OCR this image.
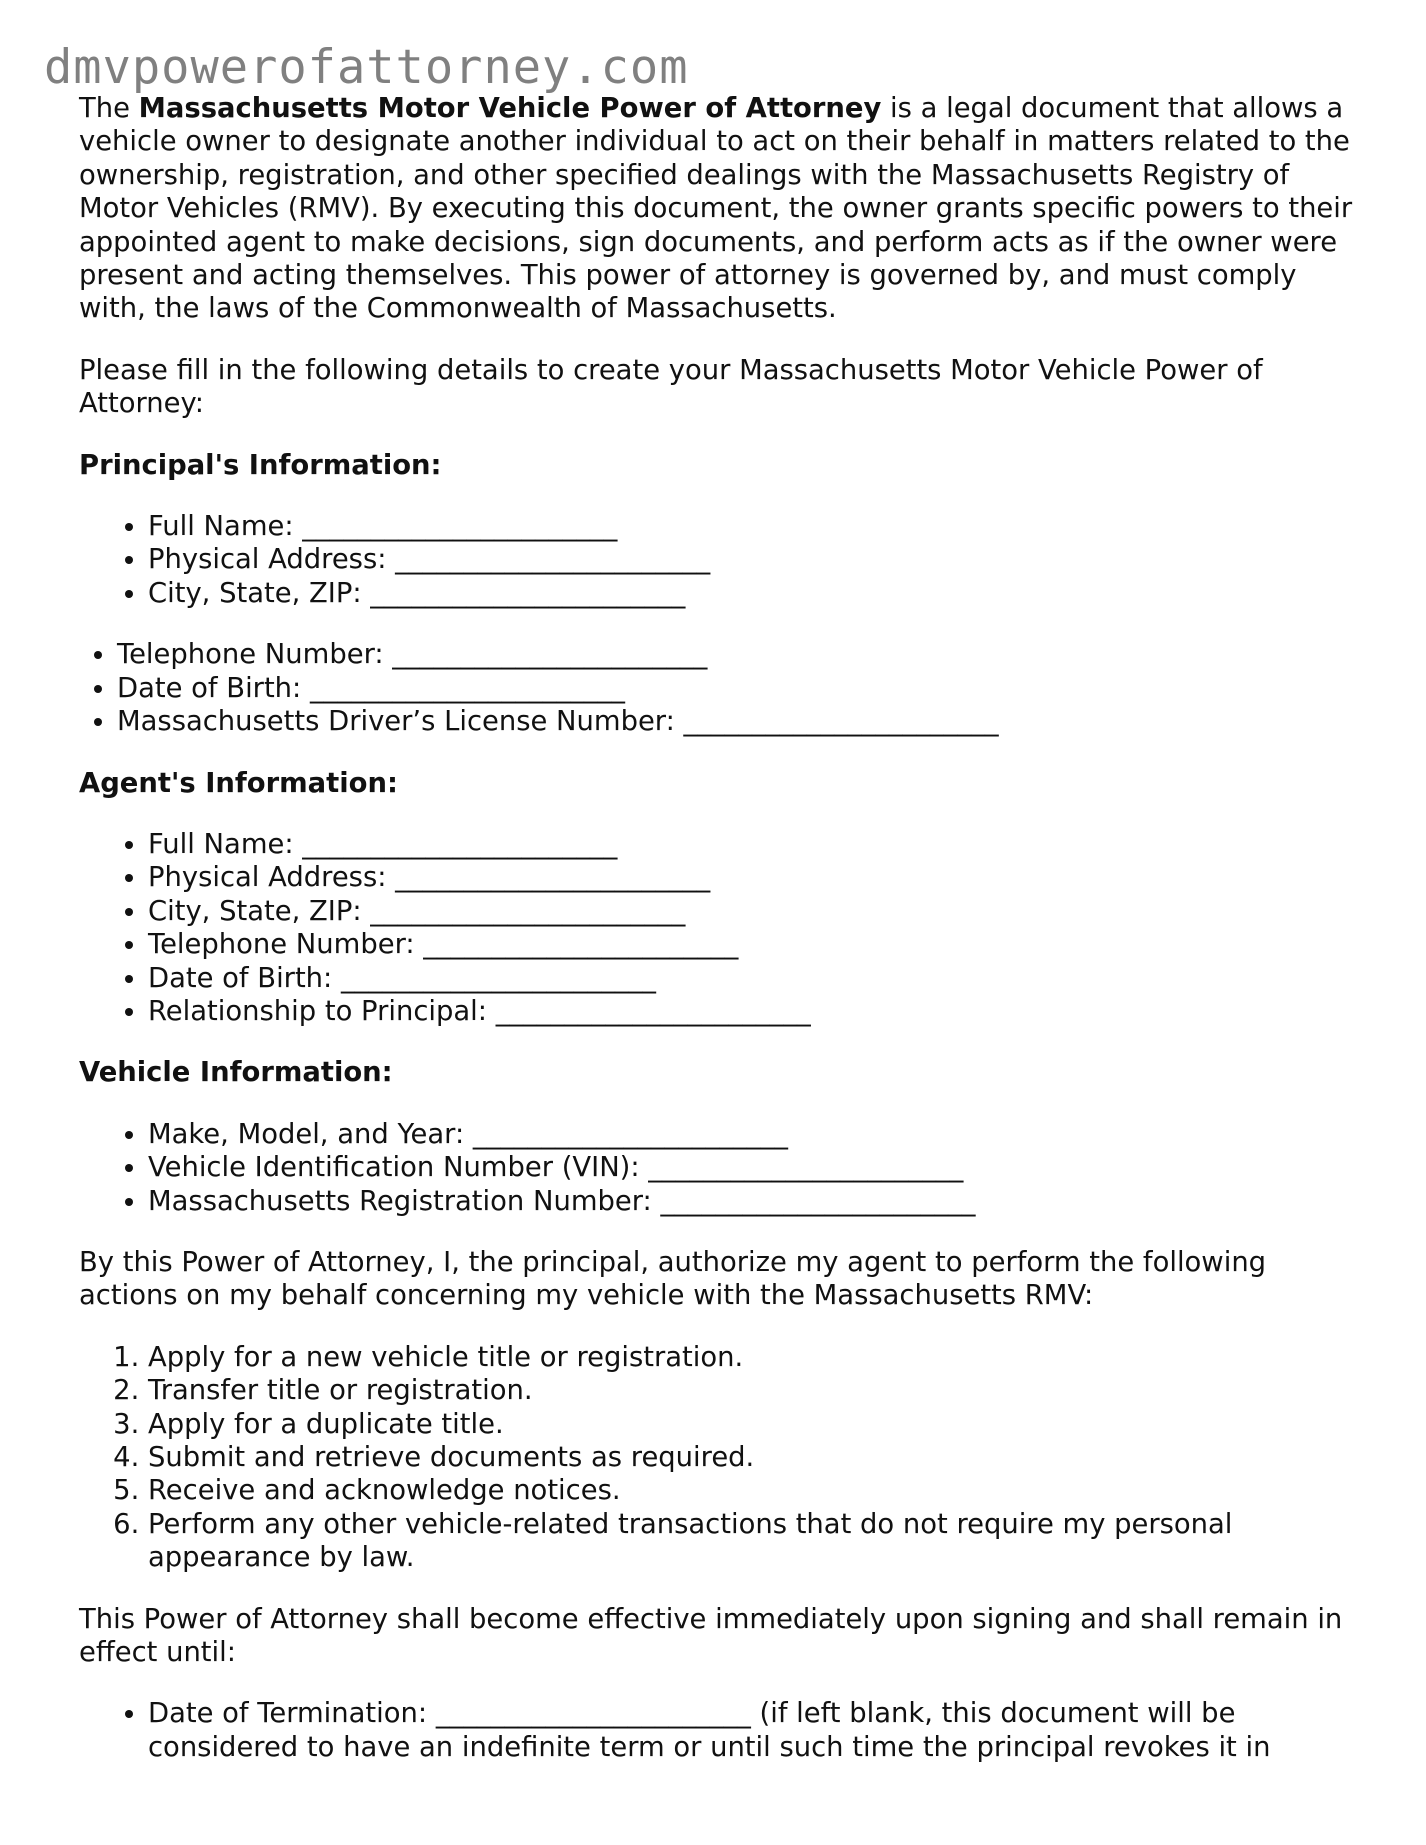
dmvpowerofattorney.com

The Massachusetts Motor Vehicle Power of Attorney is a legal document that allows a vehicle owner to designate another individual to act on their behalf in matters related to the ownership, registration, and other specified dealings with the Massachusetts Registry of Motor Vehicles (RMV). By executing this document, the owner grants specific powers to their appointed agent to make decisions, sign documents, and perform acts as if the owner were present and acting themselves. This power of attorney is governed by, and must comply with, the laws of the Commonwealth of Massachusetts.

Please fill in the following details to create your Massachusetts Motor Vehicle Power of Attorney:

Principal's Information:
• Full Name: _______________________
• Physical Address: _______________________
• City, State, ZIP: _______________________
• Telephone Number: _______________________
• Date of Birth: _______________________
• Massachusetts Driver’s License Number: _______________________
Agent's Information:
• Full Name: _______________________
• Physical Address: _______________________
• City, State, ZIP: _______________________
• Telephone Number: _______________________
• Date of Birth: _______________________
• Relationship to Principal: _______________________
Vehicle Information:
• Make, Model, and Year: _______________________
• Vehicle Identification Number (VIN): _______________________
• Massachusetts Registration Number: _______________________

By this Power of Attorney, I, the principal, authorize my agent to perform the following actions on my behalf concerning my vehicle with the Massachusetts RMV:

1. Apply for a new vehicle title or registration.
2. Transfer title or registration.
3. Apply for a duplicate title.
4. Submit and retrieve documents as required.
5. Receive and acknowledge notices.
6. Perform any other vehicle-related transactions that do not require my personal appearance by law.

This Power of Attorney shall become effective immediately upon signing and shall remain in effect until:

• Date of Termination: _______________________ (if left blank, this document will be considered to have an indefinite term or until such time the principal revokes it in
